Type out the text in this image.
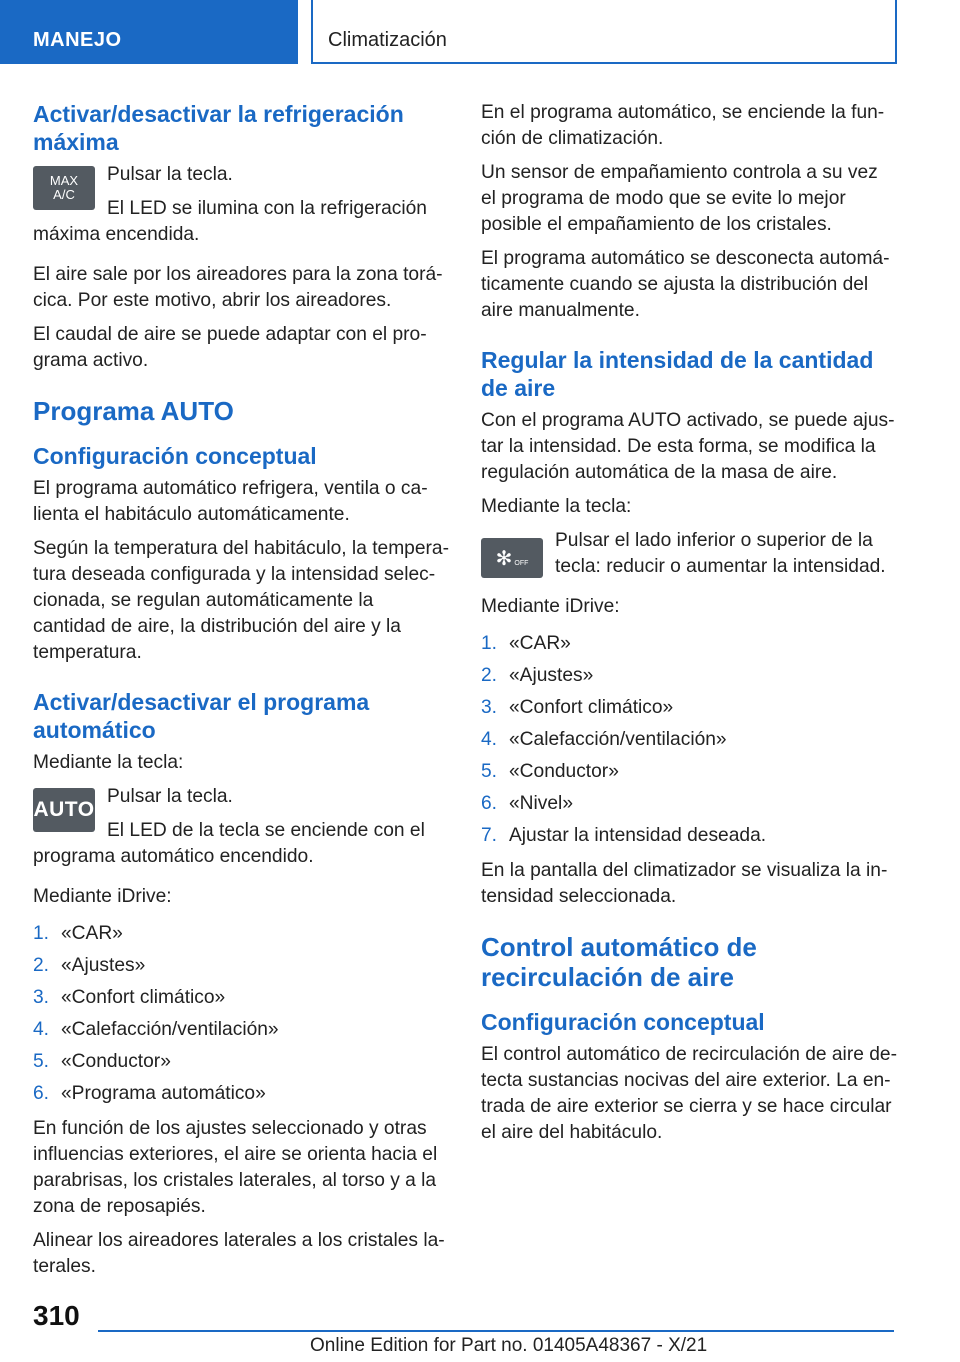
MANEJO	Climatización
Activar/desactivar la refrigeración máxima
MAX
A/C

Pulsar la tecla.

El LED se ilumina con la refrigeración

máxima encendida.

El aire sale por los aireadores para la zona torácica. Por este motivo, abrir los aireadores.

El caudal de aire se puede adaptar con el programa activo.

Programa AUTO
Configuración conceptual

El programa automático refrigera, ventila o calienta el habitáculo automáticamente.

Según la temperatura del habitáculo, la temperatura deseada configurada y la intensidad seleccionada, se regulan automáticamente la cantidad de aire, la distribución del aire y la temperatura.

Activar/desactivar el programa automático

Mediante la tecla:

AUTO

Pulsar la tecla.

El LED de la tecla se enciende con el

programa automático encendido.

Mediante iDrive:

1. «CAR»
2. «Ajustes»
3. «Confort climático»
4. «Calefacción/ventilación»
5. «Conductor»
6. «Programa automático»

En función de los ajustes seleccionado y otras influencias exteriores, el aire se orienta hacia el parabrisas, los cristales laterales, al torso y a la zona de reposapiés.

Alinear los aireadores laterales a los cristales laterales.

En el programa automático, se enciende la función de climatización.

Un sensor de empañamiento controla a su vez el programa de modo que se evite lo mejor posible el empañamiento de los cristales.

El programa automático se desconecta automáticamente cuando se ajusta la distribución del aire manualmente.

Regular la intensidad de la cantidad de aire

Con el programa AUTO activado, se puede ajustar la intensidad. De esta forma, se modifica la regulación automática de la masa de aire.

Mediante la tecla:

✻ OFF

Pulsar el lado inferior o superior de la tecla: reducir o aumentar la intensidad.

Mediante iDrive:

1. «CAR»
2. «Ajustes»
3. «Confort climático»
4. «Calefacción/ventilación»
5. «Conductor»
6. «Nivel»
7. Ajustar la intensidad deseada.

En la pantalla del climatizador se visualiza la intensidad seleccionada.

Control automático de recirculación de aire
Configuración conceptual

El control automático de recirculación de aire detecta sustancias nocivas del aire exterior. La entrada de aire exterior se cierra y se hace circular el aire del habitáculo.

310
Online Edition for Part no. 01405A48367 - X/21
